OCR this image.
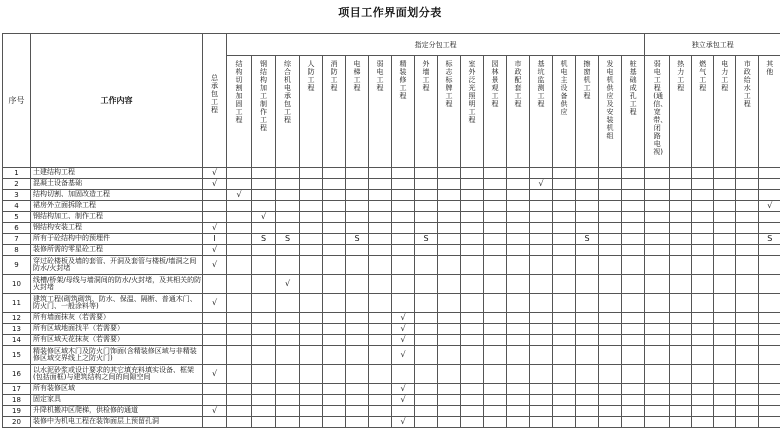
项目工作界面划分表
序号	工作内容	总承包工程	指定分包工程																		独立承包工程					
			结构切割加固工程	钢结构加工制作工程	综合机电承包工程	人防工程	消防工程	电梯工程	弱电工程	精装修工程	外墙工程	标志标牌工程	室外泛光照明工程	园林景观工程	市政配套工程	基坑监测工程	机电主设备供应	擦窗机工程	发电机供应及安装机组	桩基础成孔工程	弱电工程(通信、宽带、闭路电视)	热力工程	燃气工程	电力工程	市政给水工程	其他
1	土建结构工程	√																								
2	混凝土设备基础	√														√										
3	结构切割、加固改造工程		√																							
4	裙房外立面拆除工程																									√
5	钢结构加工、制作工程			√																						
6	钢结构安装工程	√																								
7	所有于砼结构中的预埋件	I		S	S			S			S							S								S
8	装修所需的零星砼工程	√																								
9	穿过砼楼板及墙的套管、开洞及套管与楼板/墙洞之间防水/火封堵	√																								
10	线槽/桥架/母线与墙洞间的防水/火封堵，及其相关的防火封堵				√																					
11	建筑工程(砌筑砌筑、防水、保温、隔断、普通木门、防火门、一般涂料等)	√																								
12	所有墙面抹灰（若需要）									√																
13	所有区域地面找平（若需要）									√																
14	所有区域天花抹灰（若需要）									√																
15	精装修区域木门及防火门饰面(含精装修区域与非精装修区域交界线上之防火门)									√																
16	以水泥砂浆或设计要求的其它填充料填实设备、框架(包括面框)与建筑结构之间的间隙空间	√																								
17	所有装修区域									√																
18	固定家具									√																
19	升降机搬冲区爬梯，供检修的通道	√																								
20	装修中为机电工程在装饰面层上预留孔洞									√																
